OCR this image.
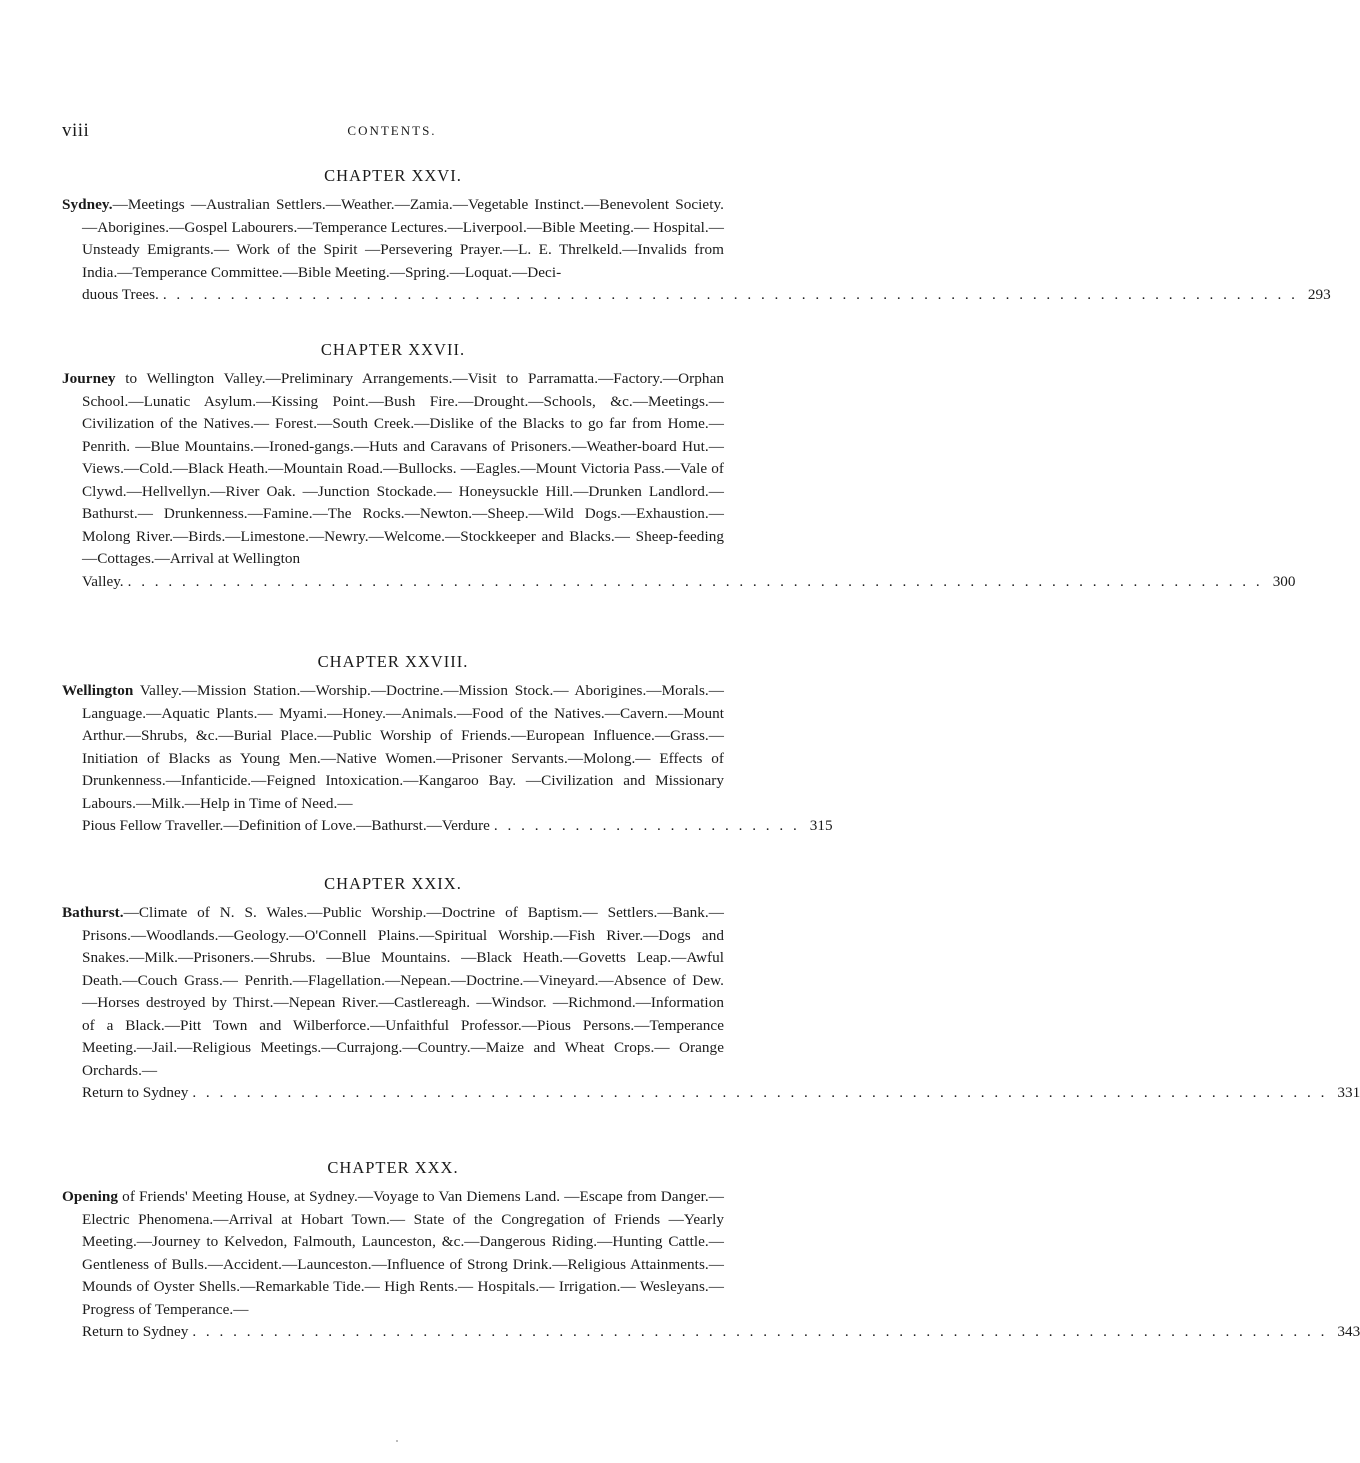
viii	CONTENTS.
CHAPTER XXVI.
Sydney.—Meetings —Australian Settlers.—Weather.—Zamia.—Vegetable Instinct.—Benevolent Society.—Aborigines.—Gospel Labourers.—Temperance Lectures.—Liverpool.—Bible Meeting.— Hospital.— Unsteady Emigrants.— Work of the Spirit —Persevering Prayer.—L. E. Threlkeld.—Invalids from India.—Temperance Committee.—Bible Meeting.—Spring.—Loquat.—Deci-
duous Trees. . . . . . . . . . . . . . . . . . . . . . . . . . . . . . . . . . . . . . . . . . . . . . . . . . . . . . . . . . . . . . . . . . . . . . . . . . . . . . . . . . . . . 293
CHAPTER XXVII.
Journey to Wellington Valley.—Preliminary Arrangements.—Visit to Parramatta.—Factory.—Orphan School.—Lunatic Asylum.—Kissing Point.—Bush Fire.—Drought.—Schools, &c.—Meetings.—Civilization of the Natives.— Forest.—South Creek.—Dislike of the Blacks to go far from Home.—Penrith. —Blue Mountains.—Ironed-gangs.—Huts and Caravans of Prisoners.—Weather-board Hut.—Views.—Cold.—Black Heath.—Mountain Road.—Bullocks. —Eagles.—Mount Victoria Pass.—Vale of Clywd.—Hellvellyn.—River Oak. —Junction Stockade.— Honeysuckle Hill.—Drunken Landlord.—Bathurst.— Drunkenness.—Famine.—The Rocks.—Newton.—Sheep.—Wild Dogs.—Exhaustion.—Molong River.—Birds.—Limestone.—Newry.—Welcome.—Stockkeeper and Blacks.— Sheep-feeding —Cottages.—Arrival at Wellington
Valley. . . . . . . . . . . . . . . . . . . . . . . . . . . . . . . . . . . . . . . . . . . . . . . . . . . . . . . . . . . . . . . . . . . . . . . . . . . . . . . . . . . . . 300
CHAPTER XXVIII.
Wellington Valley.—Mission Station.—Worship.—Doctrine.—Mission Stock.— Aborigines.—Morals.—Language.—Aquatic Plants.— Myami.—Honey.—Animals.—Food of the Natives.—Cavern.—Mount Arthur.—Shrubs, &c.—Burial Place.—Public Worship of Friends.—European Influence.—Grass.—Initiation of Blacks as Young Men.—Native Women.—Prisoner Servants.—Molong.— Effects of Drunkenness.—Infanticide.—Feigned Intoxication.—Kangaroo Bay. —Civilization and Missionary Labours.—Milk.—Help in Time of Need.—
Pious Fellow Traveller.—Definition of Love.—Bathurst.—Verdure . . . . . . . . . . . . . . . . . . . . . . . 315
CHAPTER XXIX.
Bathurst.—Climate of N. S. Wales.—Public Worship.—Doctrine of Baptism.— Settlers.—Bank.—Prisons.—Woodlands.—Geology.—O'Connell Plains.—Spiritual Worship.—Fish River.—Dogs and Snakes.—Milk.—Prisoners.—Shrubs. —Blue Mountains. —Black Heath.—Govetts Leap.—Awful Death.—Couch Grass.— Penrith.—Flagellation.—Nepean.—Doctrine.—Vineyard.—Absence of Dew.—Horses destroyed by Thirst.—Nepean River.—Castlereagh. —Windsor. —Richmond.—Information of a Black.—Pitt Town and Wilberforce.—Unfaithful Professor.—Pious Persons.—Temperance Meeting.—Jail.—Religious Meetings.—Currajong.—Country.—Maize and Wheat Crops.— Orange Orchards.—
Return to Sydney . . . . . . . . . . . . . . . . . . . . . . . . . . . . . . . . . . . . . . . . . . . . . . . . . . . . . . . . . . . . . . . . . . . . . . . . . . . . . . . . . . . . 331
CHAPTER XXX.
Opening of Friends' Meeting House, at Sydney.—Voyage to Van Diemens Land. —Escape from Danger.—Electric Phenomena.—Arrival at Hobart Town.— State of the Congregation of Friends —Yearly Meeting.—Journey to Kelvedon, Falmouth, Launceston, &c.—Dangerous Riding.—Hunting Cattle.—Gentleness of Bulls.—Accident.—Launceston.—Influence of Strong Drink.—Religious Attainments.—Mounds of Oyster Shells.—Remarkable Tide.— High Rents.— Hospitals.— Irrigation.— Wesleyans.— Progress of Temperance.—
Return to Sydney . . . . . . . . . . . . . . . . . . . . . . . . . . . . . . . . . . . . . . . . . . . . . . . . . . . . . . . . . . . . . . . . . . . . . . . . . . . . . . . . . . . . 343
